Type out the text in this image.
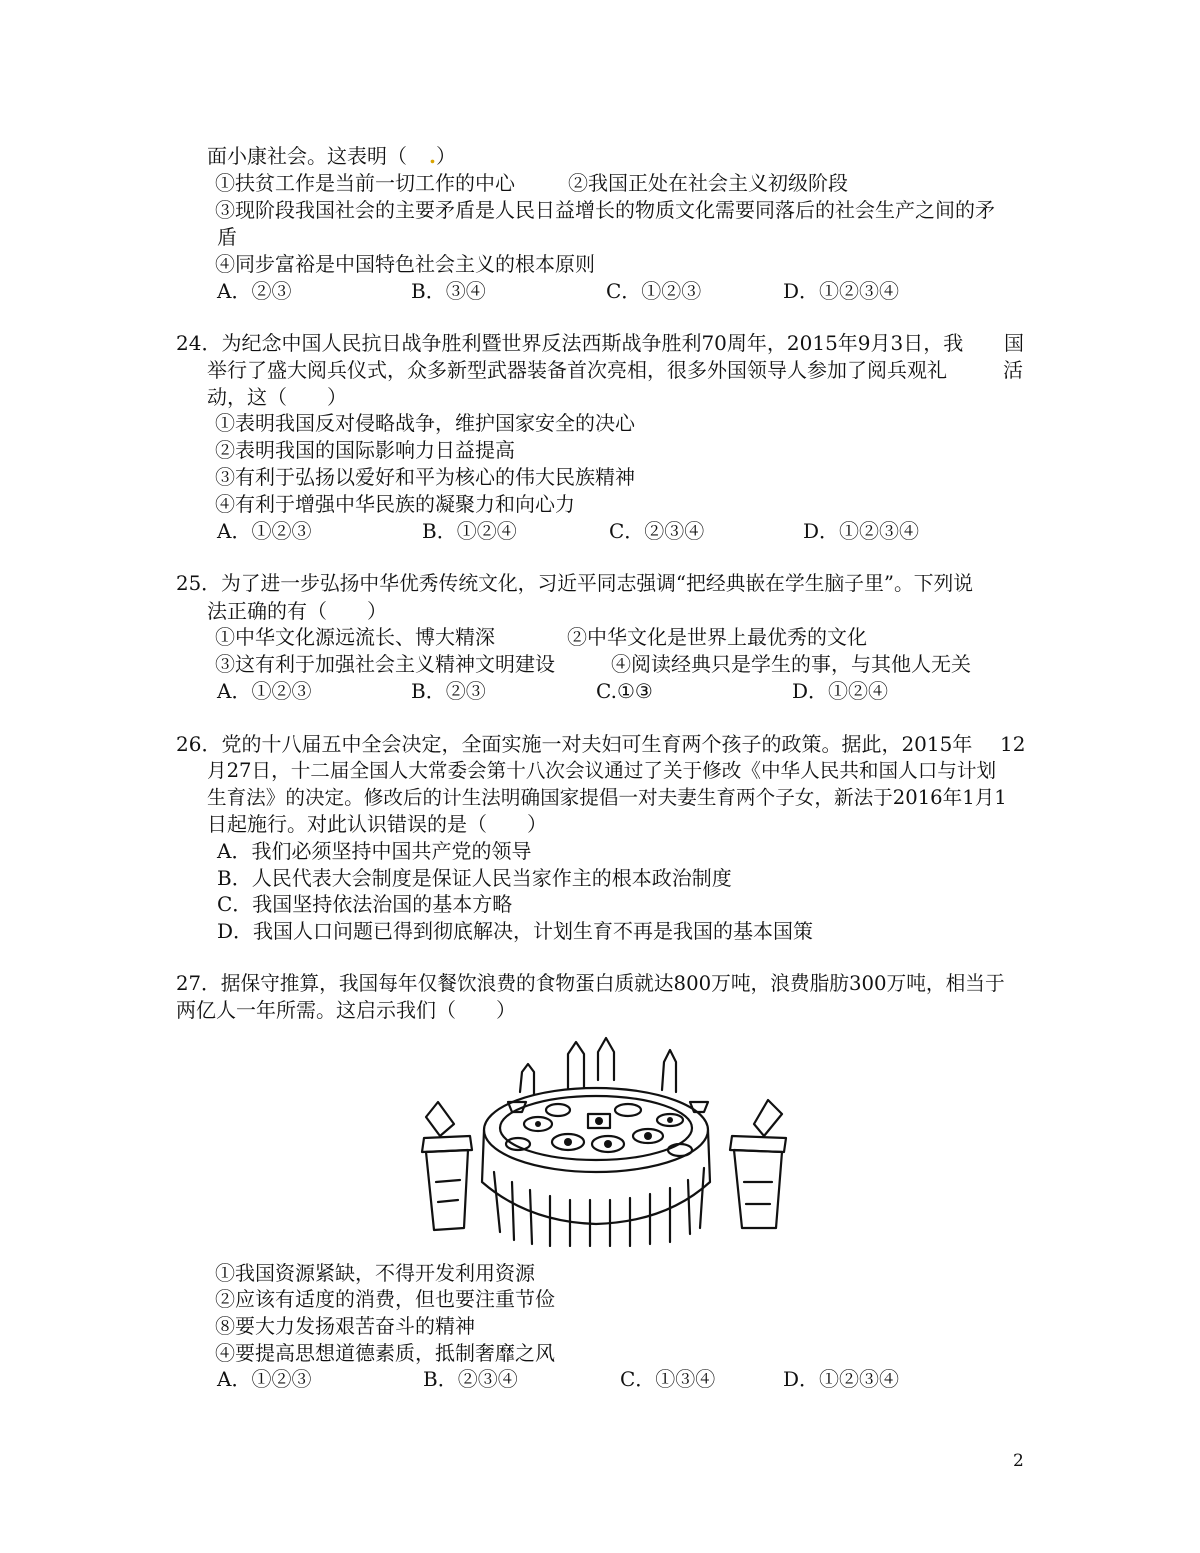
面小康社会。这表明（ .）
①扶贫工作是当前一切工作的中心	②我国正处在社会主义初级阶段
③现阶段我国社会的主要矛盾是人民日益增长的物质文化需要同落后的社会生产之间的矛
盾
④同步富裕是中国特色社会主义的根本原则
A．②③	B．③④	C．①②③	D．①②③④
24．为纪念中国人民抗日战争胜利暨世界反法西斯战争胜利70周年，2015年9月3日，我 国
举行了盛大阅兵仪式，众多新型武器装备首次亮相，很多外国领导人参加了阅兵观礼	活
动，这（　　）
①表明我国反对侵略战争，维护国家安全的决心
②表明我国的国际影响力日益提高
③有利于弘扬以爱好和平为核心的伟大民族精神
④有利于增强中华民族的凝聚力和向心力
A．①②③	B．①②④	C．②③④	D．①②③④
25．为了进一步弘扬中华优秀传统文化，习近平同志强调“把经典嵌在学生脑子里”。下列说
法正确的有（　　）
①中华文化源远流长、博大精深	②中华文化是世界上最优秀的文化
③这有利于加强社会主义精神文明建设	④阅读经典只是学生的事，与其他人无关
A．①②③	B．②③	C.①③	D．①②④
26．党的十八届五中全会决定，全面实施一对夫妇可生育两个孩子的政策。据此，2015年 12
月27日，十二届全国人大常委会第十八次会议通过了关于修改《中华人民共和国人口与计划
生育法》的决定。修改后的计生法明确国家提倡一对夫妻生育两个子女，新法于2016年1月1
日起施行。对此认识错误的是（　　）
A．我们必须坚持中国共产党的领导
B．人民代表大会制度是保证人民当家作主的根本政治制度
C．我国坚持依法治国的基本方略
D．我国人口问题已得到彻底解决，计划生育不再是我国的基本国策
27．据保守推算，我国每年仅餐饮浪费的食物蛋白质就达800万吨，浪费脂肪300万吨，相当于
两亿人一年所需。这启示我们（　　）
①我国资源紧缺，不得开发利用资源
②应该有适度的消费，但也要注重节俭
⑧要大力发扬艰苦奋斗的精神
④要提高思想道德素质，抵制奢靡之风
A．①②③	B．②③④	C．①③④	D．①②③④
2
